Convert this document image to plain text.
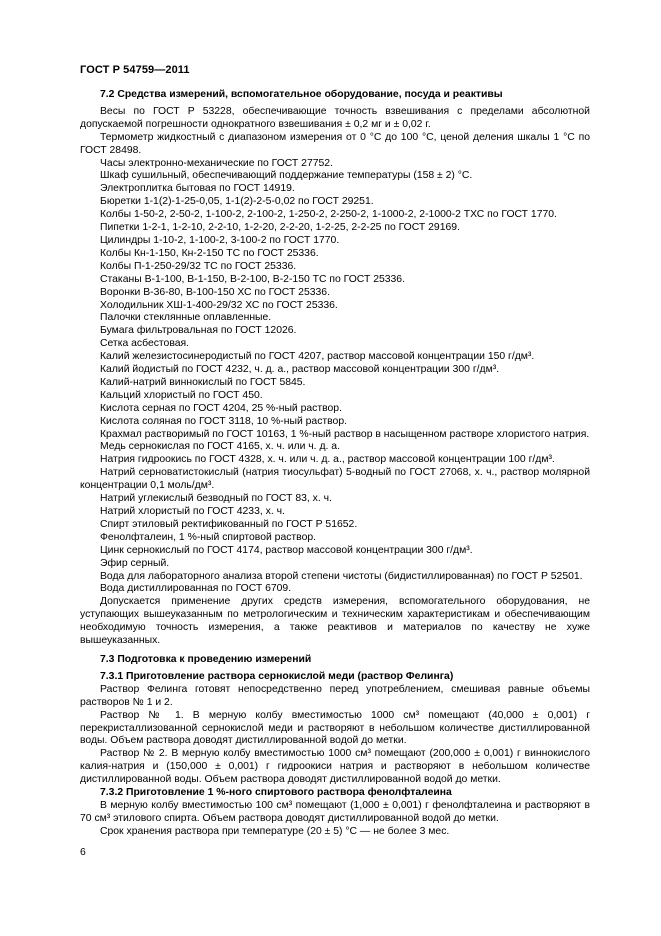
ГОСТ Р 54759—2011

7.2 Средства измерений, вспомогательное оборудование, посуда и реактивы

Весы по ГОСТ Р 53228, обеспечивающие точность взвешивания с пределами абсолютной допускаемой погрешности однократного взвешивания ± 0,2 мг и ± 0,02 г.

Термометр жидкостный с диапазоном измерения от 0 °С до 100 °С, ценой деления шкалы 1 °С по ГОСТ 28498.

Часы электронно-механические по ГОСТ 27752.

Шкаф сушильный, обеспечивающий поддержание температуры (158 ± 2) °С.

Электроплитка бытовая по ГОСТ 14919.

Бюретки 1-1(2)-1-25-0,05, 1-1(2)-2-5-0,02 по ГОСТ 29251.

Колбы 1-50-2, 2-50-2, 1-100-2, 2-100-2, 1-250-2, 2-250-2, 1-1000-2, 2-1000-2 ТХС по ГОСТ 1770.

Пипетки 1-2-1, 1-2-10, 2-2-10, 1-2-20, 2-2-20, 1-2-25, 2-2-25 по ГОСТ 29169.

Цилиндры 1-10-2, 1-100-2, 3-100-2 по ГОСТ 1770.

Колбы Кн-1-150, Кн-2-150 ТС по ГОСТ 25336.

Колбы П-1-250-29/32 ТС по ГОСТ 25336.

Стаканы В-1-100, В-1-150, В-2-100, В-2-150 ТС по ГОСТ 25336.

Воронки В-36-80, В-100-150 ХС по ГОСТ 25336.

Холодильник ХШ-1-400-29/32 ХС по ГОСТ 25336.

Палочки стеклянные оплавленные.

Бумага фильтровальная по ГОСТ 12026.

Сетка асбестовая.

Калий железистосинеродистый по ГОСТ 4207, раствор массовой концентрации 150 г/дм³.

Калий йодистый по ГОСТ 4232, ч. д. а., раствор массовой концентрации 300 г/дм³.

Калий-натрий виннокислый по ГОСТ 5845.

Кальций хлористый по ГОСТ 450.

Кислота серная по ГОСТ 4204, 25 %-ный раствор.

Кислота соляная по ГОСТ 3118, 10 %-ный раствор.

Крахмал растворимый по ГОСТ 10163, 1 %-ный раствор в насыщенном растворе хлористого натрия.

Медь сернокислая по ГОСТ 4165, х. ч. или ч. д. а.

Натрия гидроокись по ГОСТ 4328, х. ч. или ч. д. а., раствор массовой концентрации 100 г/дм³.

Натрий серноватистокислый (натрия тиосульфат) 5-водный по ГОСТ 27068, х. ч., раствор молярной концентрации 0,1 моль/дм³.

Натрий углекислый безводный по ГОСТ 83, х. ч.

Натрий хлористый по ГОСТ 4233, х. ч.

Спирт этиловый ректификованный по ГОСТ Р 51652.

Фенолфталеин, 1 %-ный спиртовой раствор.

Цинк сернокислый по ГОСТ 4174, раствор массовой концентрации 300 г/дм³.

Эфир серный.

Вода для лабораторного анализа второй степени чистоты (бидистиллированная) по ГОСТ Р 52501.

Вода дистиллированная по ГОСТ 6709.

Допускается применение других средств измерения, вспомогательного оборудования, не уступающих вышеуказанным по метрологическим и техническим характеристикам и обеспечивающим необходимую точность измерения, а также реактивов и материалов по качеству не хуже вышеуказанных.

7.3 Подготовка к проведению измерений

7.3.1 Приготовление раствора сернокислой меди (раствор Фелинга)

Раствор Фелинга готовят непосредственно перед употреблением, смешивая равные объемы растворов № 1 и 2.

Раствор № 1. В мерную колбу вместимостью 1000 см³ помещают (40,000 ± 0,001) г перекристаллизованной сернокислой меди и растворяют в небольшом количестве дистиллированной воды. Объем раствора доводят дистиллированной водой до метки.

Раствор № 2. В мерную колбу вместимостью 1000 см³ помещают (200,000 ± 0,001) г виннокислого калия-натрия и (150,000 ± 0,001) г гидроокиси натрия и растворяют в небольшом количестве дистиллированной воды. Объем раствора доводят дистиллированной водой до метки.

7.3.2 Приготовление 1 %-ного спиртового раствора фенолфталеина

В мерную колбу вместимостью 100 см³ помещают (1,000 ± 0,001) г фенолфталеина и растворяют в 70 см³ этилового спирта. Объем раствора доводят дистиллированной водой до метки.

Срок хранения раствора при температуре (20 ± 5) °С — не более 3 мес.

6
